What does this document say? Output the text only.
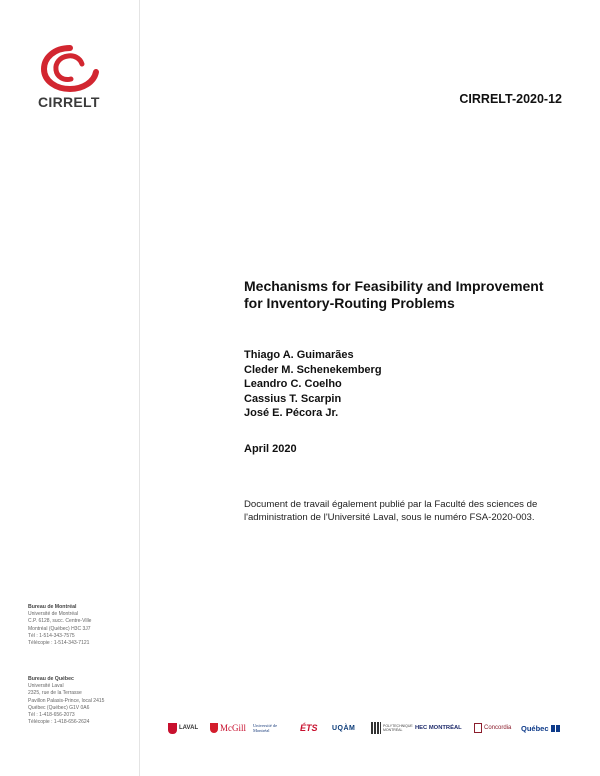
CIRRELT	CIRRELT-2020-12
Mechanisms for Feasibility and Improvement for Inventory-Routing Problems
Thiago A. Guimarães
Cleder M. Schenekemberg
Leandro C. Coelho
Cassius T. Scarpin
José E. Pécora Jr.
April 2020
Document de travail également publié par la Faculté des sciences de l'administration de l'Université Laval, sous le numéro FSA-2020-003.
Bureau de Montréal
Université de Montréal
C.P. 6128, succ. Centre-Ville
Montréal (Québec) H3C 3J7
Tél : 1-514-343-7575
Télécopie : 1-514-343-7121
Bureau de Québec
Université Laval
2325, rue de la Terrasse
Pavillon Palasis-Prince, local 2415
Québec (Québec) G1V 0A6
Tél : 1-418-656-2073
Télécopie : 1-418-656-2624
LAVAL McGill Université de Montréal	ÉTS UQÀM	POLYTECHNIQUE MONTRÉAL HEC MONTRÉAL	Concordia Québec
